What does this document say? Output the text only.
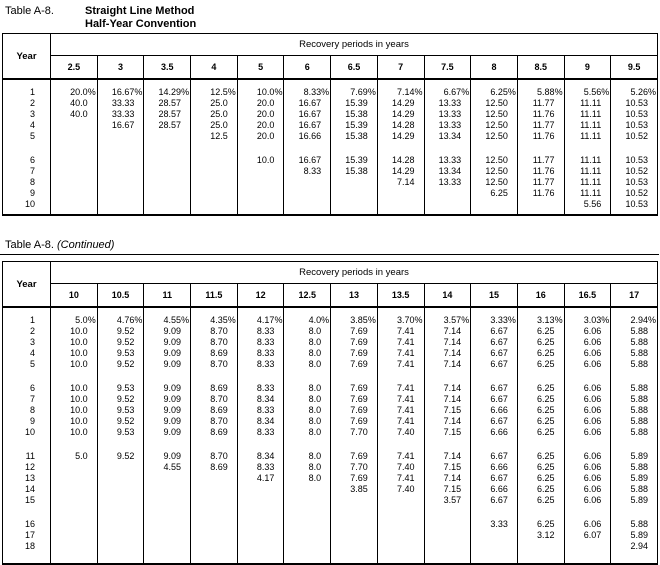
Table A-8.	Straight Line Method
Half-Year Convention
Year	Recovery periods in years												
	2.5	3	3.5	4	5	6	6.5	7	7.5	8	8.5	9	9.5
1	20.0%	16.67%	14.29%	12.5%	10.0%	8.33%	7.69%	7.14%	6.67%	6.25%	5.88%	5.56%	5.26%
2	40.0	33.33	28.57	25.0	20.0	16.67	15.39	14.29	13.33	12.50	11.77	11.11	10.53
3	40.0	33.33	28.57	25.0	20.0	16.67	15.38	14.29	13.33	12.50	11.76	11.11	10.53
4		16.67	28.57	25.0	20.0	16.67	15.39	14.28	13.33	12.50	11.77	11.11	10.53
5				12.5	20.0	16.66	15.38	14.29	13.34	12.50	11.76	11.11	10.52
6					10.0	16.67	15.39	14.28	13.33	12.50	11.77	11.11	10.53
7						8.33	15.38	14.29	13.34	12.50	11.76	11.11	10.52
8								7.14	13.33	12.50	11.77	11.11	10.53
9										6.25	11.76	11.11	10.52
10												5.56	10.53
Table A-8. (Continued)
Year	Recovery periods in years												
	10	10.5	11	11.5	12	12.5	13	13.5	14	15	16	16.5	17
1	5.0%	4.76%	4.55%	4.35%	4.17%	4.0%	3.85%	3.70%	3.57%	3.33%	3.13%	3.03%	2.94%
2	10.0	9.52	9.09	8.70	8.33	8.0	7.69	7.41	7.14	6.67	6.25	6.06	5.88
3	10.0	9.52	9.09	8.70	8.33	8.0	7.69	7.41	7.14	6.67	6.25	6.06	5.88
4	10.0	9.53	9.09	8.69	8.33	8.0	7.69	7.41	7.14	6.67	6.25	6.06	5.88
5	10.0	9.52	9.09	8.70	8.33	8.0	7.69	7.41	7.14	6.67	6.25	6.06	5.88
6	10.0	9.53	9.09	8.69	8.33	8.0	7.69	7.41	7.14	6.67	6.25	6.06	5.88
7	10.0	9.52	9.09	8.70	8.34	8.0	7.69	7.41	7.14	6.67	6.25	6.06	5.88
8	10.0	9.53	9.09	8.69	8.33	8.0	7.69	7.41	7.15	6.66	6.25	6.06	5.88
9	10.0	9.52	9.09	8.70	8.34	8.0	7.69	7.41	7.14	6.67	6.25	6.06	5.88
10	10.0	9.53	9.09	8.69	8.33	8.0	7.70	7.40	7.15	6.66	6.25	6.06	5.88
11	5.0	9.52	9.09	8.70	8.34	8.0	7.69	7.41	7.14	6.67	6.25	6.06	5.89
12			4.55	8.69	8.33	8.0	7.70	7.40	7.15	6.66	6.25	6.06	5.88
13					4.17	8.0	7.69	7.41	7.14	6.67	6.25	6.06	5.89
14							3.85	7.40	7.15	6.66	6.25	6.06	5.88
15									3.57	6.67	6.25	6.06	5.89
16										3.33	6.25	6.06	5.88
17											3.12	6.07	5.89
18													2.94
